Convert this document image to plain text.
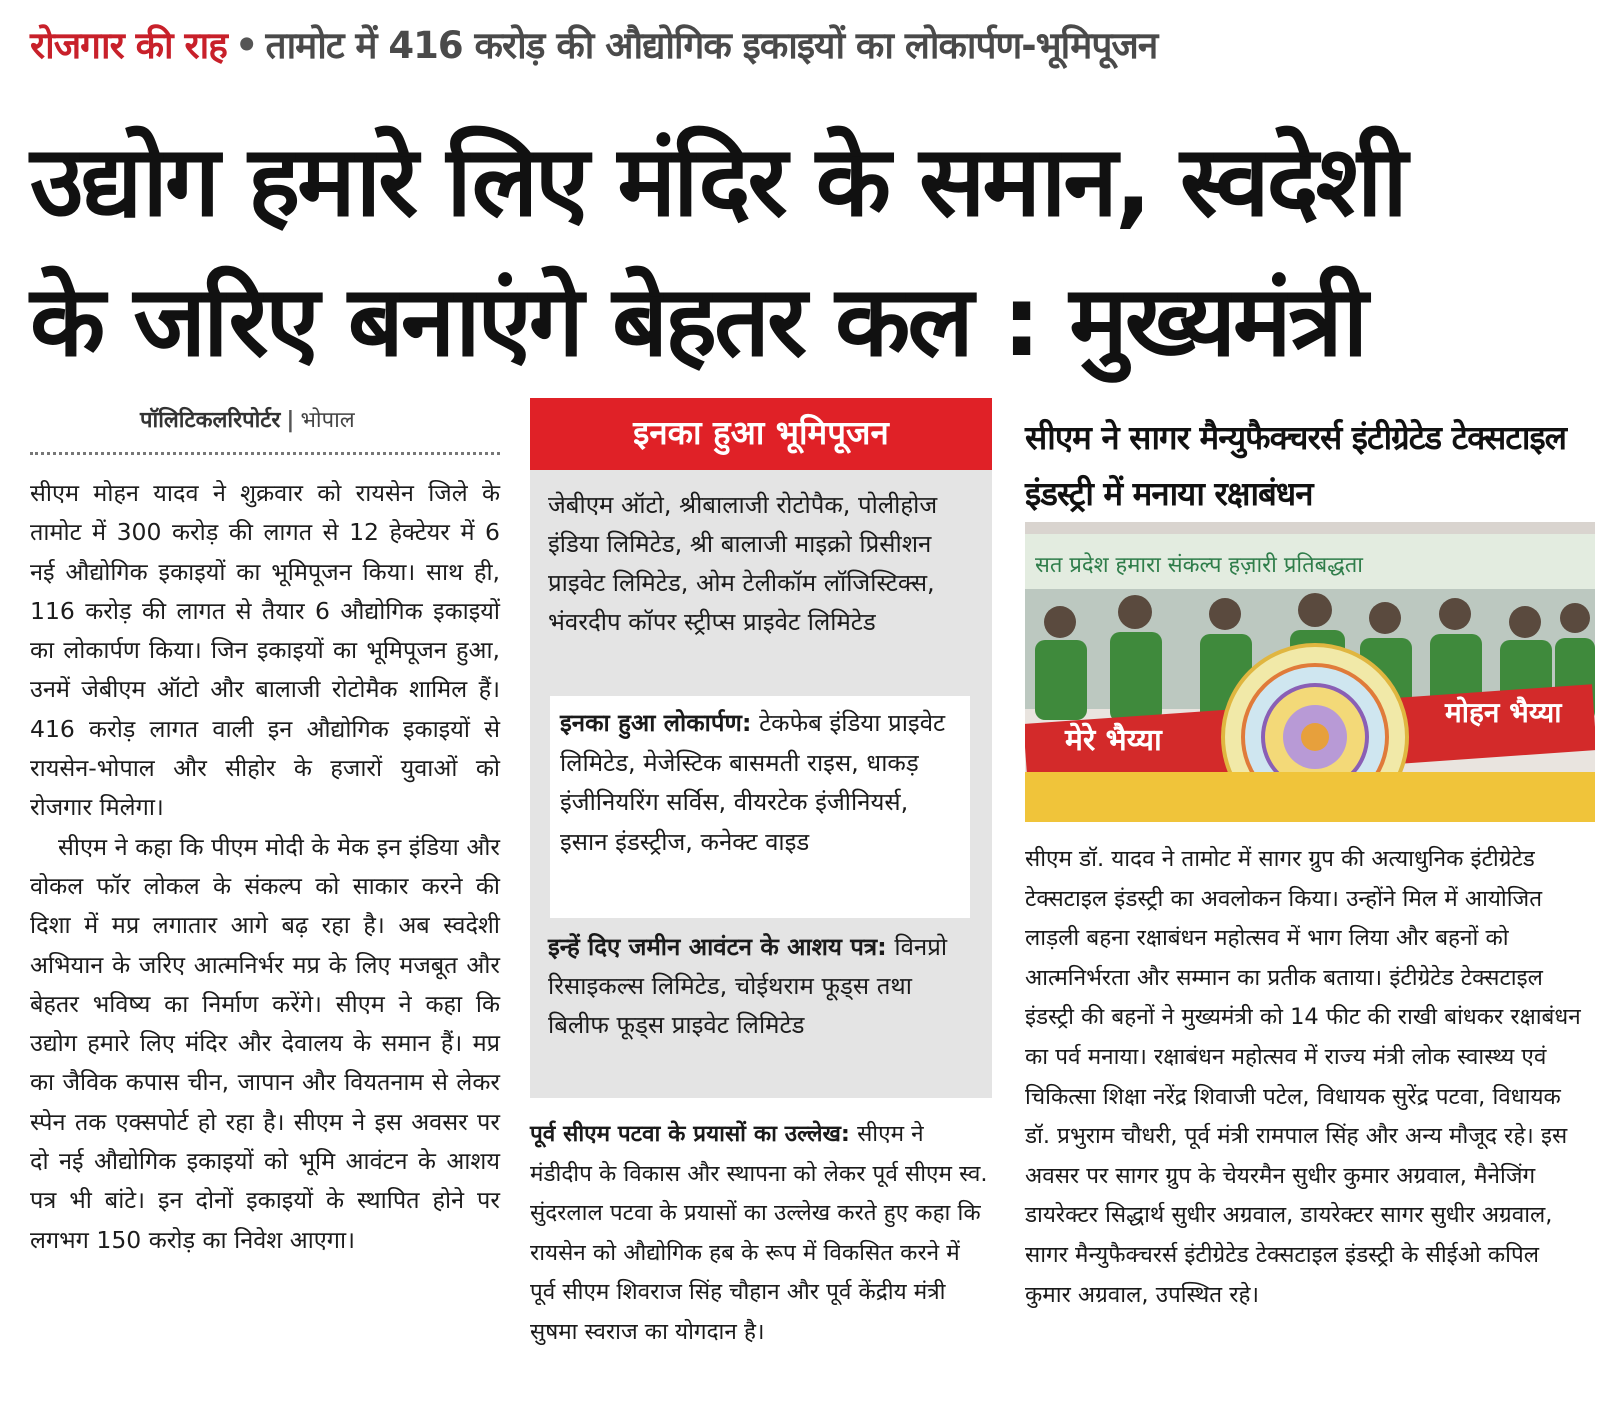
रोजगार की राह • तामोट में 416 करोड़ की औद्योगिक इकाइयों का लोकार्पण-भूमिपूजन
उद्योग हमारे लिए मंदिर के समान, स्वदेशी
के जरिए बनाएंगे बेहतर कल : मुख्यमंत्री
पॉलिटिकलरिपोर्टर | भोपाल

सीएम मोहन यादव ने शुक्रवार को रायसेन जिले के तामोट में 300 करोड़ की लागत से 12 हेक्टेयर में 6 नई औद्योगिक इकाइयों का भूमिपूजन किया। साथ ही, 116 करोड़ की लागत से तैयार 6 औद्योगिक इकाइयों का लोकार्पण किया। जिन इकाइयों का भूमिपूजन हुआ, उनमें जेबीएम ऑटो और बालाजी रोटोमैक शामिल हैं। 416 करोड़ लागत वाली इन औद्योगिक इकाइयों से रायसेन-भोपाल और सीहोर के हजारों युवाओं को रोजगार मिलेगा।

सीएम ने कहा कि पीएम मोदी के मेक इन इंडिया और वोकल फॉर लोकल के संकल्प को साकार करने की दिशा में मप्र लगातार आगे बढ़ रहा है। अब स्वदेशी अभियान के जरिए आत्मनिर्भर मप्र के लिए मजबूत और बेहतर भविष्य का निर्माण करेंगे। सीएम ने कहा कि उद्योग हमारे लिए मंदिर और देवालय के समान हैं। मप्र का जैविक कपास चीन, जापान और वियतनाम से लेकर स्पेन तक एक्सपोर्ट हो रहा है। सीएम ने इस अवसर पर दो नई औद्योगिक इकाइयों को भूमि आवंटन के आशय पत्र भी बांटे। इन दोनों इकाइयों के स्थापित होने पर लगभग 150 करोड़ का निवेश आएगा।

इनका हुआ भूमिपूजन
जेबीएम ऑटो, श्रीबालाजी रोटोपैक, पोलीहोज इंडिया लिमिटेड, श्री बालाजी माइक्रो प्रिसीशन प्राइवेट लिमिटेड, ओम टेलीकॉम लॉजिस्टिक्स, भंवरदीप कॉपर स्ट्रीप्स प्राइवेट लिमिटेड
इनका हुआ लोकार्पण: टेकफेब इंडिया प्राइवेट लिमिटेड, मेजेस्टिक बासमती राइस, धाकड़ इंजीनियरिंग सर्विस, वीयरटेक इंजीनियर्स, इसान इंडस्ट्रीज, कनेक्ट वाइड
इन्हें दिए जमीन आवंटन के आशय पत्र: विनप्रो रिसाइकल्स लिमिटेड, चोईथराम फूड्स तथा बिलीफ फूड्स प्राइवेट लिमिटेड
पूर्व सीएम पटवा के प्रयासों का उल्लेख: सीएम ने मंडीदीप के विकास और स्थापना को लेकर पूर्व सीएम स्व. सुंदरलाल पटवा के प्रयासों का उल्लेख करते हुए कहा कि रायसेन को औद्योगिक हब के रूप में विकसित करने में पूर्व सीएम शिवराज सिंह चौहान और पूर्व केंद्रीय मंत्री सुषमा स्वराज का योगदान है।
सीएम ने सागर मैन्युफैक्चरर्स इंटीग्रेटेड टेक्सटाइल इंडस्ट्री में मनाया रक्षाबंधन
सत प्रदेश हमारा संकल्प हज़ारी प्रतिबद्धता
मेरे भैय्या
मोहन भैय्या
सीएम डॉ. यादव ने तामोट में सागर ग्रुप की अत्याधुनिक इंटीग्रेटेड टेक्सटाइल इंडस्ट्री का अवलोकन किया। उन्होंने मिल में आयोजित लाड़ली बहना रक्षाबंधन महोत्सव में भाग लिया और बहनों को आत्मनिर्भरता और सम्मान का प्रतीक बताया। इंटीग्रेटेड टेक्सटाइल इंडस्ट्री की बहनों ने मुख्यमंत्री को 14 फीट की राखी बांधकर रक्षाबंधन का पर्व मनाया। रक्षाबंधन महोत्सव में राज्य मंत्री लोक स्वास्थ्य एवं चिकित्सा शिक्षा नरेंद्र शिवाजी पटेल, विधायक सुरेंद्र पटवा, विधायक डॉ. प्रभुराम चौधरी, पूर्व मंत्री रामपाल सिंह और अन्य मौजूद रहे। इस अवसर पर सागर ग्रुप के चेयरमैन सुधीर कुमार अग्रवाल, मैनेजिंग डायरेक्टर सिद्धार्थ सुधीर अग्रवाल, डायरेक्टर सागर सुधीर अग्रवाल, सागर मैन्युफैक्चरर्स इंटीग्रेटेड टेक्सटाइल इंडस्ट्री के सीईओ कपिल कुमार अग्रवाल, उपस्थित रहे।
